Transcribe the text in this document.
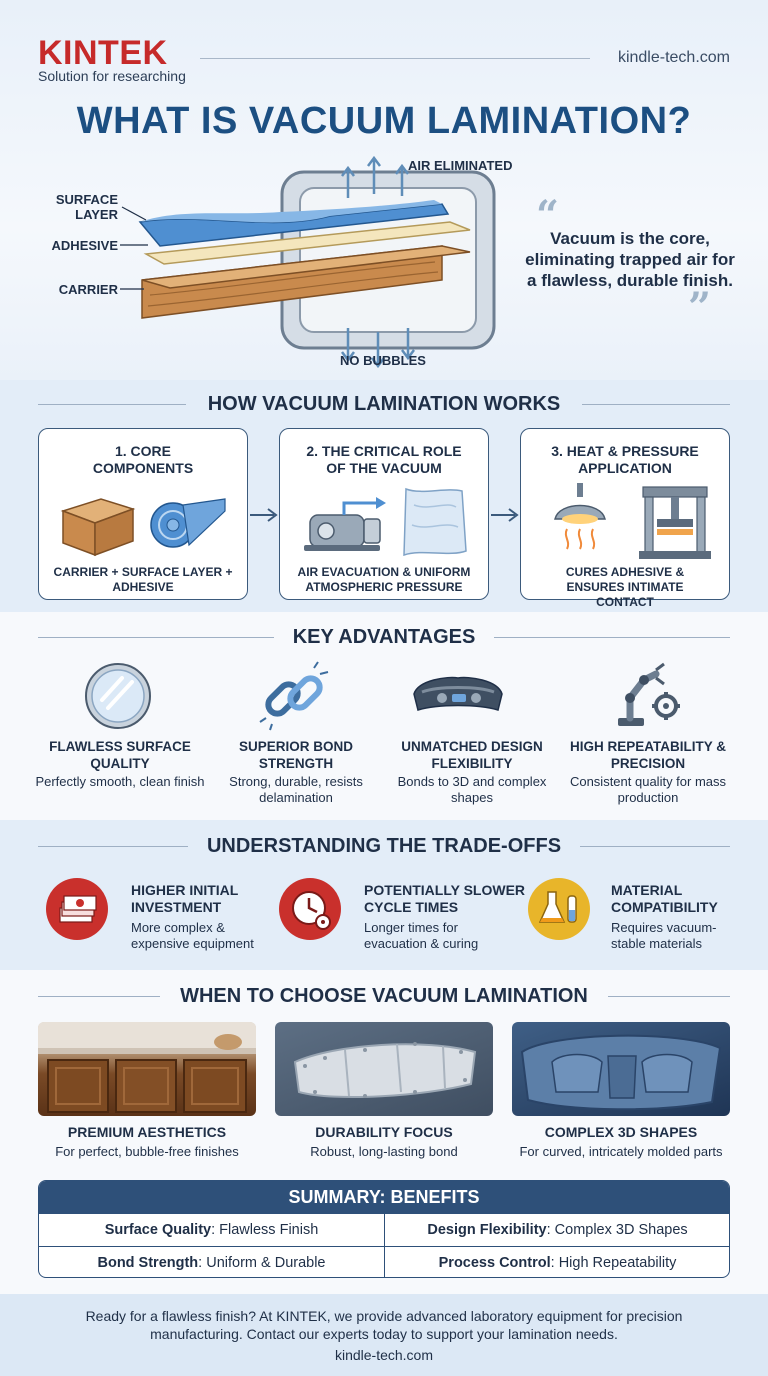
KINTEK
Solution for researching
kindle-tech.com
WHAT IS VACUUM LAMINATION?
SURFACE LAYER
ADHESIVE
CARRIER
AIR ELIMINATED
NO BUBBLES
“
Vacuum is the core, eliminating trapped air for a flawless, durable finish.
”
HOW VACUUM LAMINATION WORKS
1. CORE COMPONENTS
CARRIER + SURFACE LAYER + ADHESIVE
2. THE CRITICAL ROLE OF THE VACUUM
AIR EVACUATION & UNIFORM ATMOSPHERIC PRESSURE
3. HEAT & PRESSURE APPLICATION
CURES ADHESIVE & ENSURES INTIMATE CONTACT
KEY ADVANTAGES
FLAWLESS SURFACE QUALITY
Perfectly smooth, clean finish
SUPERIOR BOND STRENGTH
Strong, durable, resists delamination
UNMATCHED DESIGN FLEXIBILITY
Bonds to 3D and complex shapes
HIGH REPEATABILITY & PRECISION
Consistent quality for mass production
UNDERSTANDING THE TRADE-OFFS
HIGHER INITIAL INVESTMENT
More complex & expensive equipment
POTENTIALLY SLOWER CYCLE TIMES
Longer times for evacuation & curing
MATERIAL COMPATIBILITY
Requires vacuum-stable materials
WHEN TO CHOOSE VACUUM LAMINATION
PREMIUM AESTHETICS
For perfect, bubble-free finishes
DURABILITY FOCUS
Robust, long-lasting bond
COMPLEX 3D SHAPES
For curved, intricately molded parts
SUMMARY: BENEFITS
Surface Quality: Flawless Finish	Design Flexibility: Complex 3D Shapes
Bond Strength: Uniform & Durable	Process Control: High Repeatability
Ready for a flawless finish? At KINTEK, we provide advanced laboratory equipment for precision manufacturing. Contact our experts today to support your lamination needs.
kindle-tech.com
